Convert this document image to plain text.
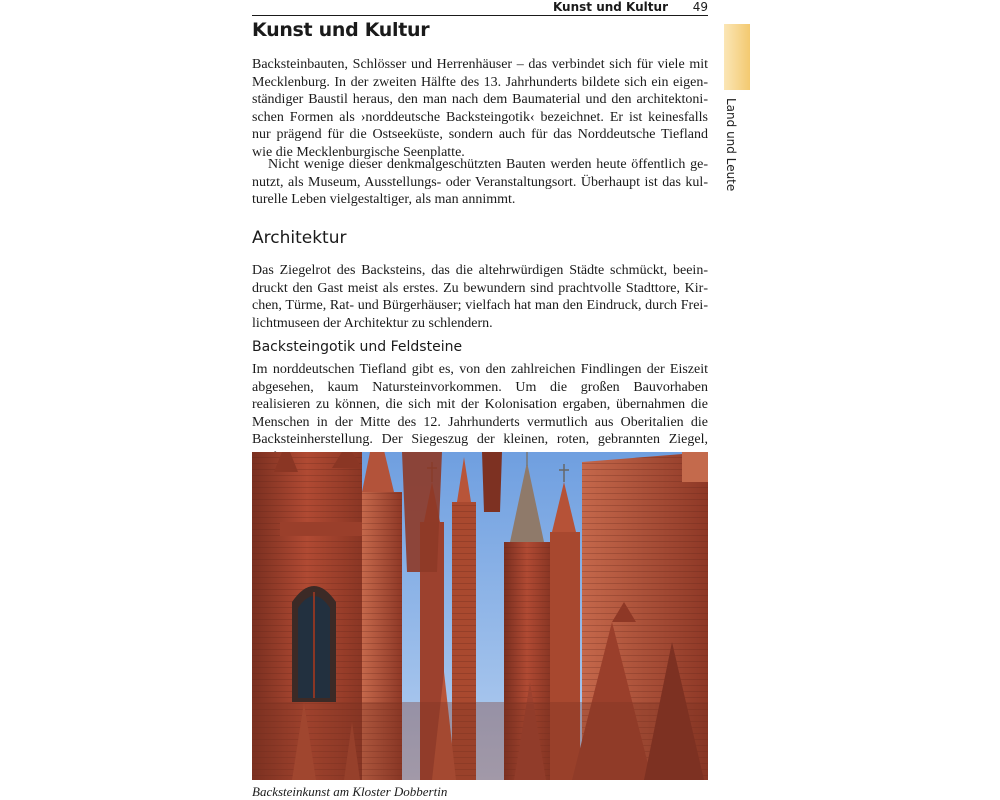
Kunst und Kultur 49
Land und Leute
Kunst und Kultur

Backsteinbauten, Schlösser und Herrenhäuser – das verbindet sich für viele mit Mecklenburg. In der zweiten Hälfte des 13. Jahrhunderts bildete sich ein eigenständiger Baustil heraus, den man nach dem Baumaterial und den architektonischen Formen als ›norddeutsche Backsteingotik‹ bezeichnet. Er ist keinesfalls nur prägend für die Ostseeküste, sondern auch für das Norddeutsche Tiefland wie die Mecklenburgische Seenplatte.

Nicht wenige dieser denkmalgeschützten Bauten werden heute öffentlich genutzt, als Museum, Ausstellungs- oder Veranstaltungsort. Überhaupt ist das kulturelle Leben vielgestaltiger, als man annimmt.

Architektur

Das Ziegelrot des Backsteins, das die altehrwürdigen Städte schmückt, beeindruckt den Gast meist als erstes. Zu bewundern sind prachtvolle Stadttore, Kirchen, Türme, Rat- und Bürgerhäuser; vielfach hat man den Eindruck, durch Freilichtmuseen der Architektur zu schlendern.

Backsteingotik und Feldsteine

Im norddeutschen Tiefland gibt es, von den zahlreichen Findlingen der Eiszeit abgesehen, kaum Natursteinvorkommen. Um die großen Bauvorhaben realisieren zu können, die sich mit der Kolonisation ergaben, übernahmen die Menschen in der Mitte des 12. Jahrhunderts vermutlich aus Oberitalien die Backsteinherstellung. Der Siegeszug der kleinen, roten, gebrannten Ziegel,

Backsteinkunst am Kloster Dobbertin
